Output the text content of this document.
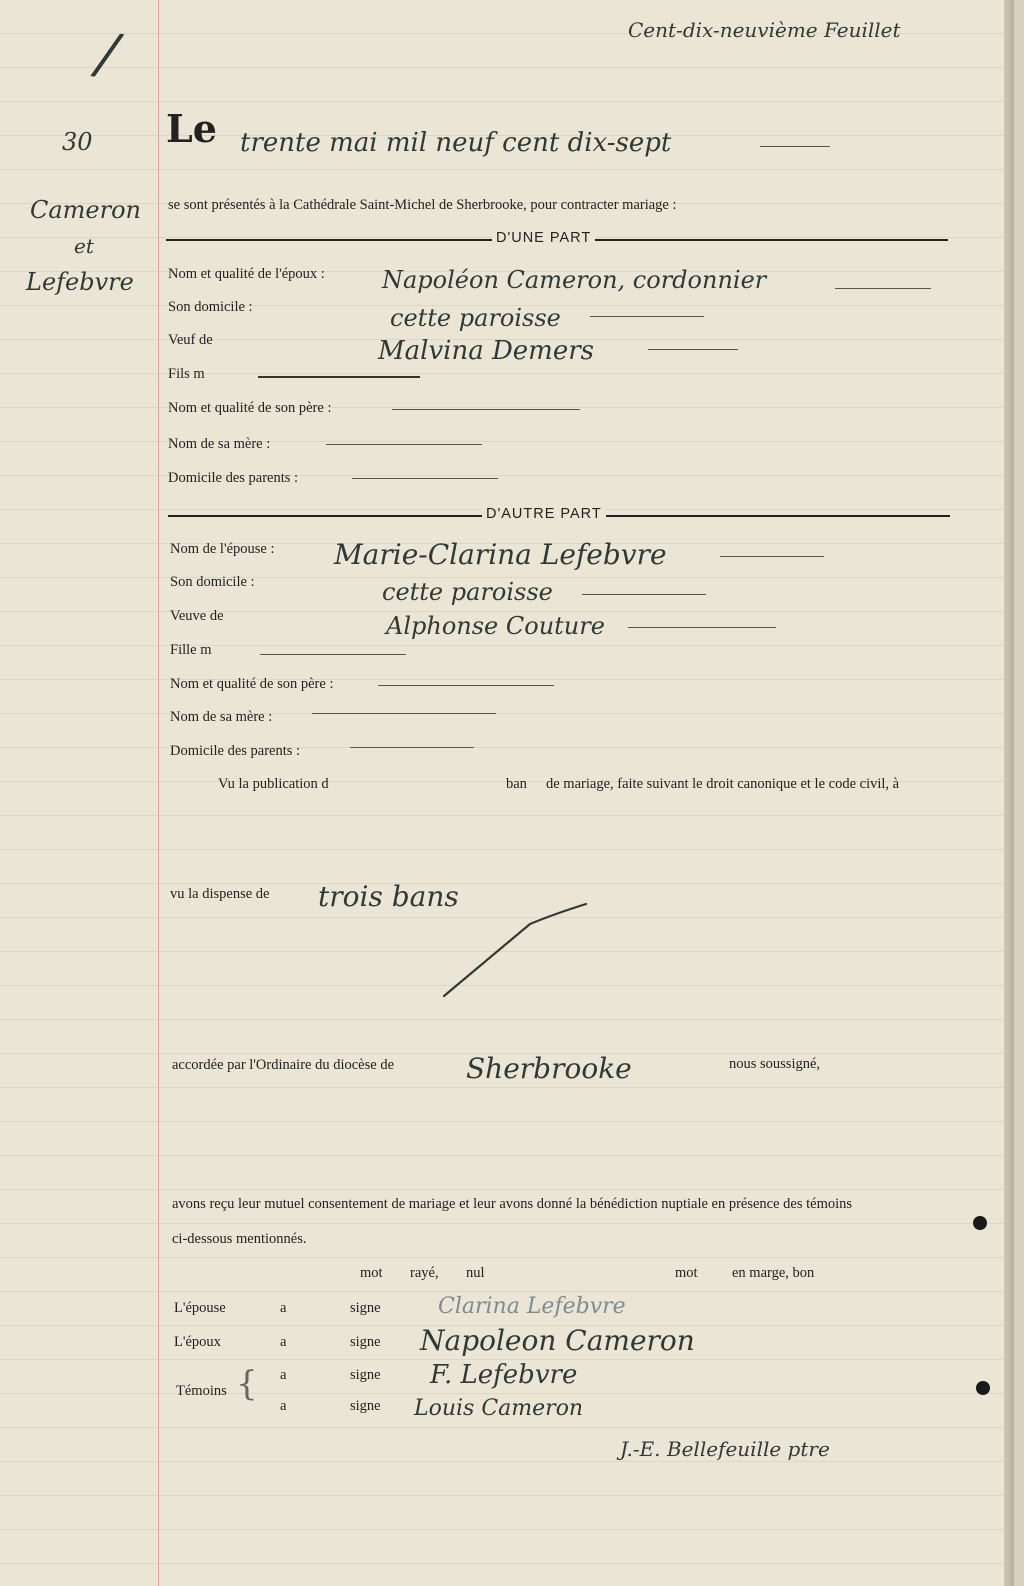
Cent-dix-neuvième Feuillet
/
30
Cameron
et
Lefebvre
Le trente mai mil neuf cent dix-sept
se sont présentés à la Cathédrale Saint-Michel de Sherbrooke, pour contracter mariage :
D'UNE PART
Nom et qualité de l'époux : Napoléon Cameron, cordonnier
Son domicile :	cette paroisse
Veuf de	Malvina Demers
Fils m
Nom et qualité de son père :
Nom de sa mère :
Domicile des parents :
D'AUTRE PART
Nom de l'épouse : Marie-Clarina Lefebvre
Son domicile :	cette paroisse
Veuve de	Alphonse Couture
Fille m
Nom et qualité de son père :
Nom de sa mère :
Domicile des parents :
Vu la publication d	ban de mariage, faite suivant le droit canonique et le code civil, à
vu la dispense de trois bans
accordée par l'Ordinaire du diocèse de	Sherbrooke	nous soussigné,
avons reçu leur mutuel consentement de mariage et leur avons donné la bénédiction nuptiale en présence des témoins
ci-dessous mentionnés.
mot rayé, nul	mot en marge, bon
L'épouse	a	signe	Clarina Lefebvre
L'époux	a	signe Napoleon Cameron
Témoins { a	signe F. Lefebvre
a	signe Louis Cameron
J.-E. Bellefeuille ptre
